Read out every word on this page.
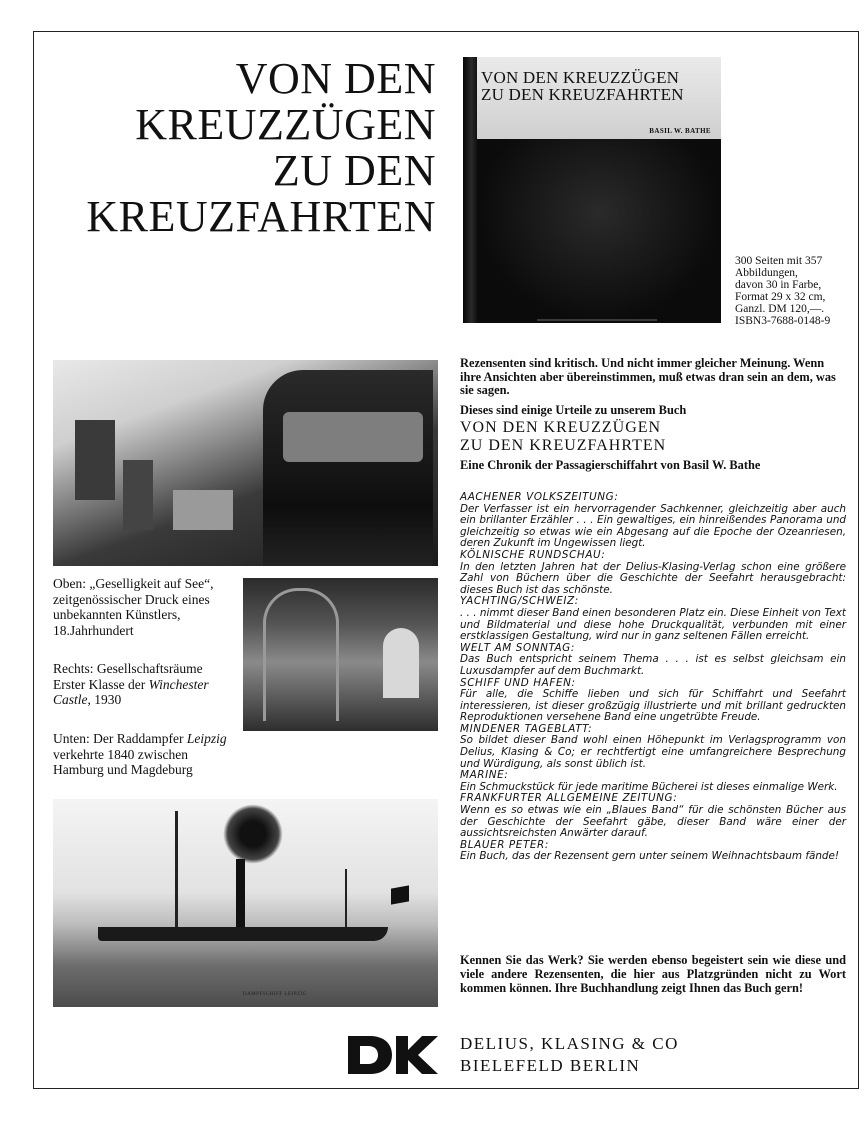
VON DEN
KREUZZÜGEN
ZU DEN
KREUZFAHRTEN
VON DEN KREUZZÜGEN
ZU DEN KREUZFAHRTEN
BASIL W. BATHE
300 Seiten mit 357
Abbildungen,
davon 30 in Farbe,
Format 29 x 32 cm,
Ganzl. DM 120,—.
ISBN3-7688-0148-9
DAMPFSCHIFF LEIPZIG
Oben: „Geselligkeit auf See“, zeitgenössischer Druck eines unbekannten Künstlers, 18.Jahrhundert
Rechts: Gesellschaftsräume Erster Klasse der Winchester Castle, 1930
Unten: Der Raddampfer Leipzig verkehrte 1840 zwischen Hamburg und Magdeburg
Rezensenten sind kritisch. Und nicht immer gleicher Meinung. Wenn ihre Ansichten aber übereinstimmen, muß etwas dran sein an dem, was sie sagen.
Dieses sind einige Urteile zu unserem Buch
VON DEN KREUZZÜGEN
ZU DEN KREUZFAHRTEN
Eine Chronik der Passagierschiffahrt von Basil W. Bathe
AACHENER VOLKSZEITUNG:
Der Verfasser ist ein hervorragender Sachkenner, gleichzeitig aber auch ein brillanter Erzähler . . . Ein gewaltiges, ein hinreißendes Panorama und gleichzeitig so etwas wie ein Abgesang auf die Epoche der Ozeanriesen, deren Zukunft im Ungewissen liegt.
KÖLNISCHE RUNDSCHAU:
In den letzten Jahren hat der Delius-Klasing-Verlag schon eine größere Zahl von Büchern über die Geschichte der Seefahrt herausgebracht: dieses Buch ist das schönste.
YACHTING/SCHWEIZ:
. . . nimmt dieser Band einen besonderen Platz ein. Diese Einheit von Text und Bildmaterial und diese hohe Druckqualität, verbunden mit einer erstklassigen Gestaltung, wird nur in ganz seltenen Fällen erreicht.
WELT AM SONNTAG:
Das Buch entspricht seinem Thema . . . ist es selbst gleichsam ein Luxusdampfer auf dem Buchmarkt.
SCHIFF UND HAFEN:
Für alle, die Schiffe lieben und sich für Schiffahrt und Seefahrt interessieren, ist dieser großzügig illustrierte und mit brillant gedruckten Reproduktionen versehene Band eine ungetrübte Freude.
MINDENER TAGEBLATT:
So bildet dieser Band wohl einen Höhepunkt im Verlagsprogramm von Delius, Klasing & Co; er rechtfertigt eine umfangreichere Besprechung und Würdigung, als sonst üblich ist.
MARINE:
Ein Schmuckstück für jede maritime Bücherei ist dieses einmalige Werk.
FRANKFURTER ALLGEMEINE ZEITUNG:
Wenn es so etwas wie ein „Blaues Band“ für die schönsten Bücher aus der Geschichte der Seefahrt gäbe, dieser Band wäre einer der aussichtsreichsten Anwärter darauf.
BLAUER PETER:
Ein Buch, das der Rezensent gern unter seinem Weihnachtsbaum fände!
Kennen Sie das Werk? Sie werden ebenso begeistert sein wie diese und viele andere Rezensenten, die hier aus Platzgründen nicht zu Wort kommen können. Ihre Buchhandlung zeigt Ihnen das Buch gern!
DELIUS, KLASING & CO
BIELEFELD BERLIN
